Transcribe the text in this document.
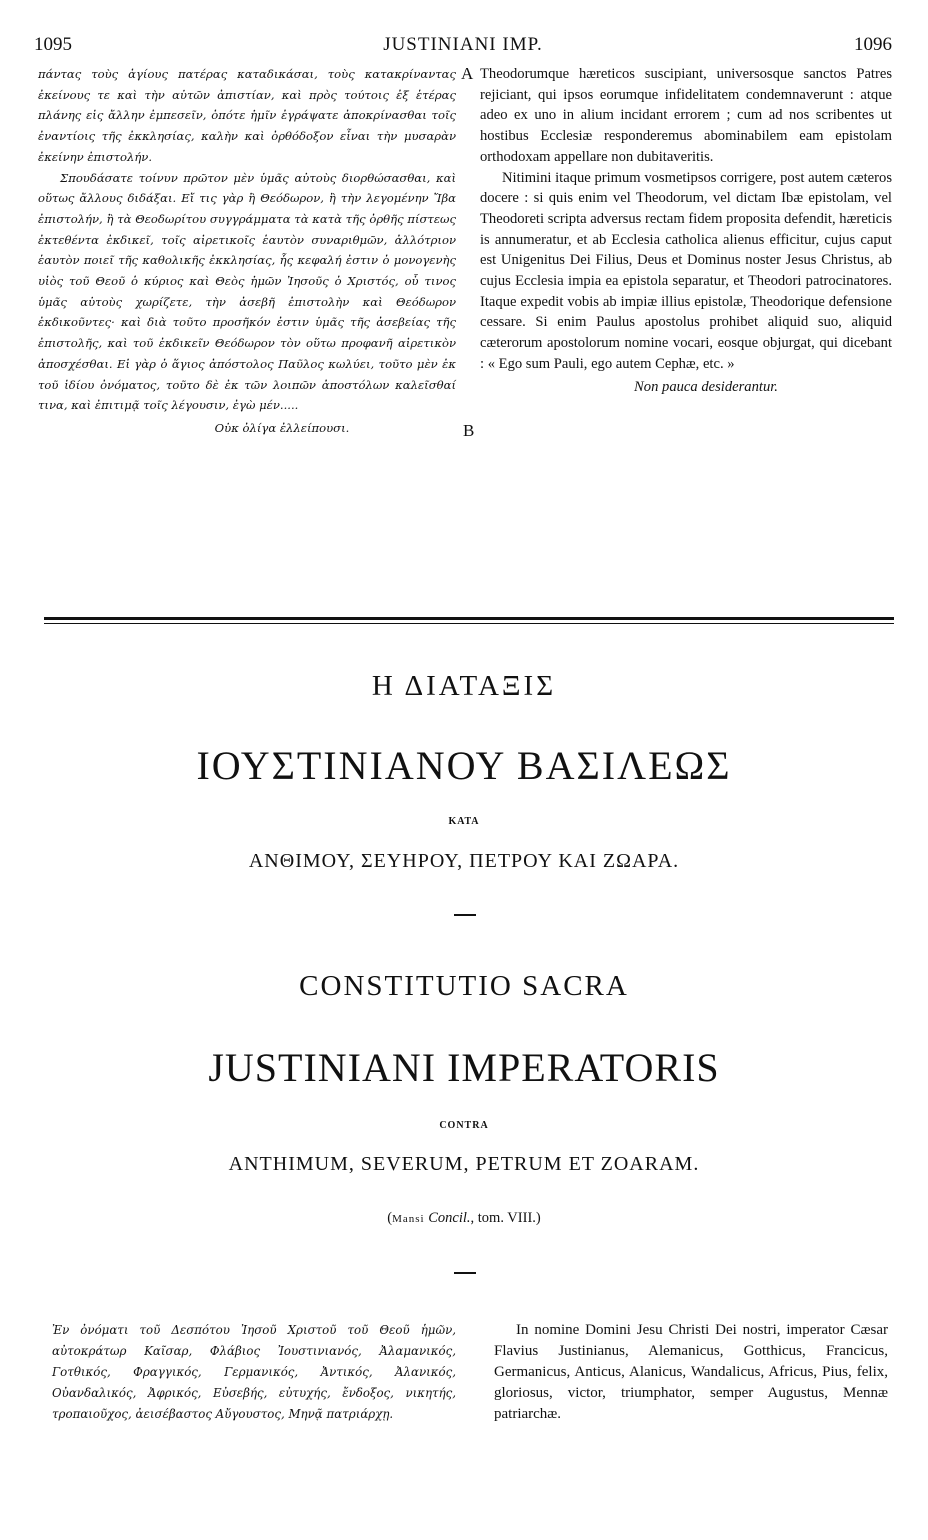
1095	JUSTINIANI IMP.	1096

πάντας τοὺς ἁγίους πατέρας καταδικάσαι, τοὺς κατακρίναντας ἐκείνους τε καὶ τὴν αὐτῶν ἀπιστίαν, καὶ πρὸς τούτοις ἐξ ἑτέρας πλάνης εἰς ἄλλην ἐμπεσεῖν, ὁπότε ἡμῖν ἐγράψατε ἀποκρίνασθαι τοῖς ἐναντίοις τῆς ἐκκλησίας, καλὴν καὶ ὀρθόδοξον εἶναι τὴν μυσαρὰν ἐκείνην ἐπιστολήν.

Σπουδάσατε τοίνυν πρῶτον μὲν ὑμᾶς αὐτοὺς διορθώσασθαι, καὶ οὕτως ἄλλους διδάξαι. Εἴ τις γὰρ ἢ Θεόδωρον, ἢ τὴν λεγομένην Ἴβα ἐπιστολήν, ἢ τὰ Θεοδωρίτου συγγράμματα τὰ κατὰ τῆς ὀρθῆς πίστεως ἐκτεθέντα ἐκδικεῖ, τοῖς αἱρετικοῖς ἑαυτὸν συναριθμῶν, ἀλλότριον ἑαυτὸν ποιεῖ τῆς καθολικῆς ἐκκλησίας, ἧς κεφαλή ἐστιν ὁ μονογενὴς υἱὸς τοῦ Θεοῦ ὁ κύριος καὶ Θεὸς ἡμῶν Ἰησοῦς ὁ Χριστός, οὗ τινος ὑμᾶς αὐτοὺς χωρίζετε, τὴν ἀσεβῆ ἐπιστολὴν καὶ Θεόδωρον ἐκδικοῦντες· καὶ διὰ τοῦτο προσῆκόν ἐστιν ὑμᾶς τῆς ἀσεβείας τῆς ἐπιστολῆς, καὶ τοῦ ἐκδικεῖν Θεόδωρον τὸν οὕτω προφανῆ αἱρετικὸν ἀποσχέσθαι. Εἰ γὰρ ὁ ἅγιος ἀπόστολος Παῦλος κωλύει, τοῦτο μὲν ἐκ τοῦ ἰδίου ὀνόματος, τοῦτο δὲ ἐκ τῶν λοιπῶν ἀποστόλων καλεῖσθαί τινα, καὶ ἐπιτιμᾷ τοῖς λέγουσιν, ἐγὼ μέν.....

Οὐκ ὀλίγα ἐλλείπουσι.

A
B

Theodorumque hæreticos suscipiant, universosque sanctos Patres rejiciant, qui ipsos eorumque infidelitatem condemnaverunt : atque adeo ex uno in alium incidant errorem ; cum ad nos scribentes ut hostibus Ecclesiæ responderemus abominabilem eam epistolam orthodoxam appellare non dubitaveritis.

Nitimini itaque primum vosmetipsos corrigere, post autem cæteros docere : si quis enim vel Theodorum, vel dictam Ibæ epistolam, vel Theodoreti scripta adversus rectam fidem proposita defendit, hæreticis is annumeratur, et ab Ecclesia catholica alienus efficitur, cujus caput est Unigenitus Dei Filius, Deus et Dominus noster Jesus Christus, ab cujus Ecclesia impia ea epistola separatur, et Theodori patrocinatores. Itaque expedit vobis ab impiæ illius epistolæ, Theodorique defensione cessare. Si enim Paulus apostolus prohibet aliquid suo, aliquid cæterorum apostolorum nomine vocari, eosque objurgat, qui dicebant : « Ego sum Pauli, ego autem Cephæ, etc. »

Non pauca desiderantur.

Η ΔΙΑΤΑΞΙΣ
ΙΟΥΣΤΙΝΙΑΝΟΥ ΒΑΣΙΛΕΩΣ
ΚΑΤΑ
ΑΝΘΙΜΟΥ, ΣΕΥΗΡΟΥ, ΠΕΤΡΟΥ ΚΑΙ ΖΩΑΡΑ.
CONSTITUTIO SACRA
JUSTINIANI IMPERATORIS
CONTRA
ANTHIMUM, SEVERUM, PETRUM ET ZOARAM.
(Mansi Concil., tom. VIII.)

Ἐν ὀνόματι τοῦ Δεσπότου Ἰησοῦ Χριστοῦ τοῦ Θεοῦ ἡμῶν, αὐτοκράτωρ Καῖσαρ, Φλάβιος Ἰουστινιανός, Ἀλαμανικός, Γοτθικός, Φραγγικός, Γερμανικός, Ἀντικός, Ἀλανικός, Οὐανδαλικός, Ἀφρικός, Εὐσεβής, εὐτυχής, ἔνδοξος, νικητής, τροπαιοῦχος, ἀεισέβαστος Αὔγουστος, Μηνᾷ πατριάρχῃ.

In nomine Domini Jesu Christi Dei nostri, imperator Cæsar Flavius Justinianus, Alemanicus, Gotthicus, Francicus, Germanicus, Anticus, Alanicus, Wandalicus, Africus, Pius, felix, gloriosus, victor, triumphator, semper Augustus, Mennæ patriarchæ.
